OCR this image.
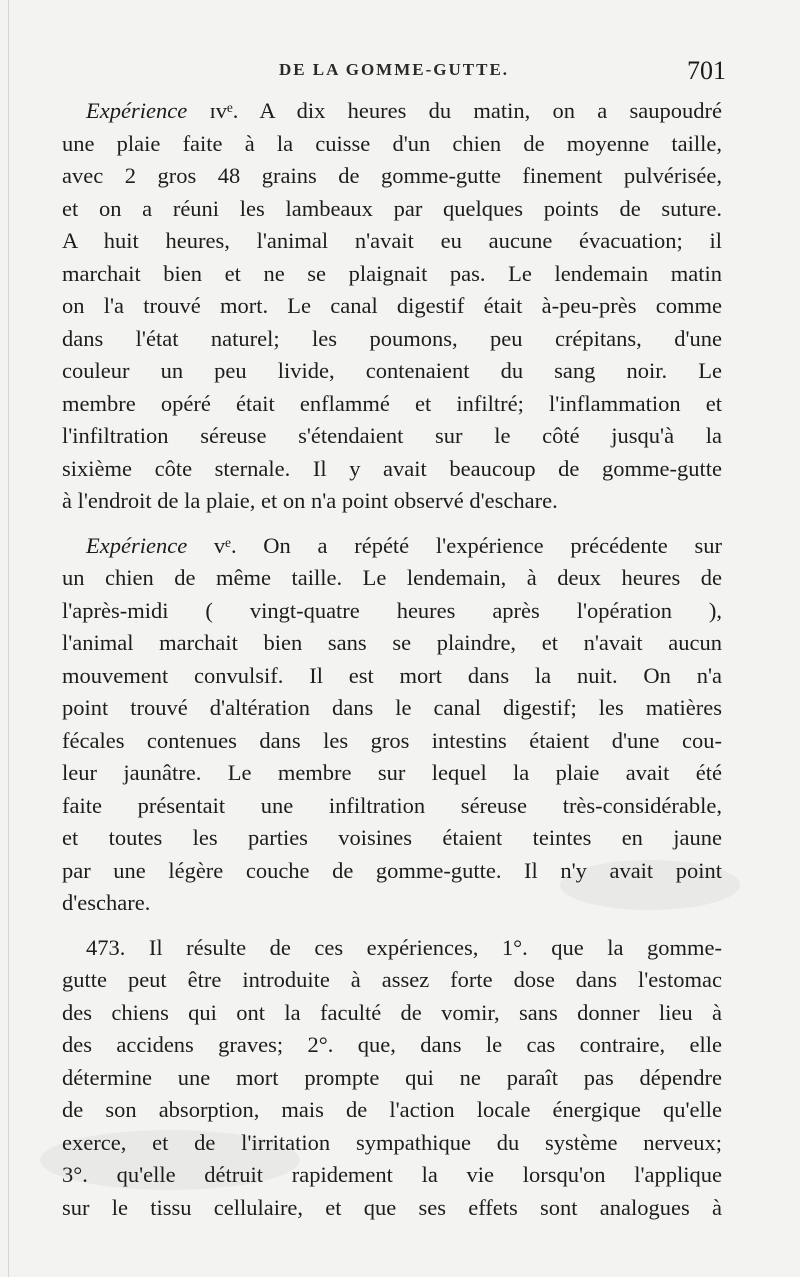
DE LA GOMME-GUTTE.	701
Expérience ɪvᵉ. A dix heures du matin, on a saupoudré
une plaie faite à la cuisse d'un chien de moyenne taille,
avec 2 gros 48 grains de gomme-gutte finement pulvérisée,
et on a réuni les lambeaux par quelques points de suture.
A huit heures, l'animal n'avait eu aucune évacuation; il
marchait bien et ne se plaignait pas. Le lendemain matin
on l'a trouvé mort. Le canal digestif était à-peu-près comme
dans l'état naturel; les poumons, peu crépitans, d'une
couleur un peu livide, contenaient du sang noir. Le
membre opéré était enflammé et infiltré; l'inflammation et
l'infiltration séreuse s'étendaient sur le côté jusqu'à la
sixième côte sternale. Il y avait beaucoup de gomme-gutte
à l'endroit de la plaie, et on n'a point observé d'eschare.
Expérience vᵉ. On a répété l'expérience précédente sur
un chien de même taille. Le lendemain, à deux heures de
l'après-midi ( vingt-quatre heures après l'opération ),
l'animal marchait bien sans se plaindre, et n'avait aucun
mouvement convulsif. Il est mort dans la nuit. On n'a
point trouvé d'altération dans le canal digestif; les matières
fécales contenues dans les gros intestins étaient d'une cou-
leur jaunâtre. Le membre sur lequel la plaie avait été
faite présentait une infiltration séreuse très-considérable,
et toutes les parties voisines étaient teintes en jaune
par une légère couche de gomme-gutte. Il n'y avait point
d'eschare.
473. Il résulte de ces expériences, 1°. que la gomme-
gutte peut être introduite à assez forte dose dans l'estomac
des chiens qui ont la faculté de vomir, sans donner lieu à
des accidens graves; 2°. que, dans le cas contraire, elle
détermine une mort prompte qui ne paraît pas dépendre
de son absorption, mais de l'action locale énergique qu'elle
exerce, et de l'irritation sympathique du système nerveux;
3°. qu'elle détruit rapidement la vie lorsqu'on l'applique
sur le tissu cellulaire, et que ses effets sont analogues à
